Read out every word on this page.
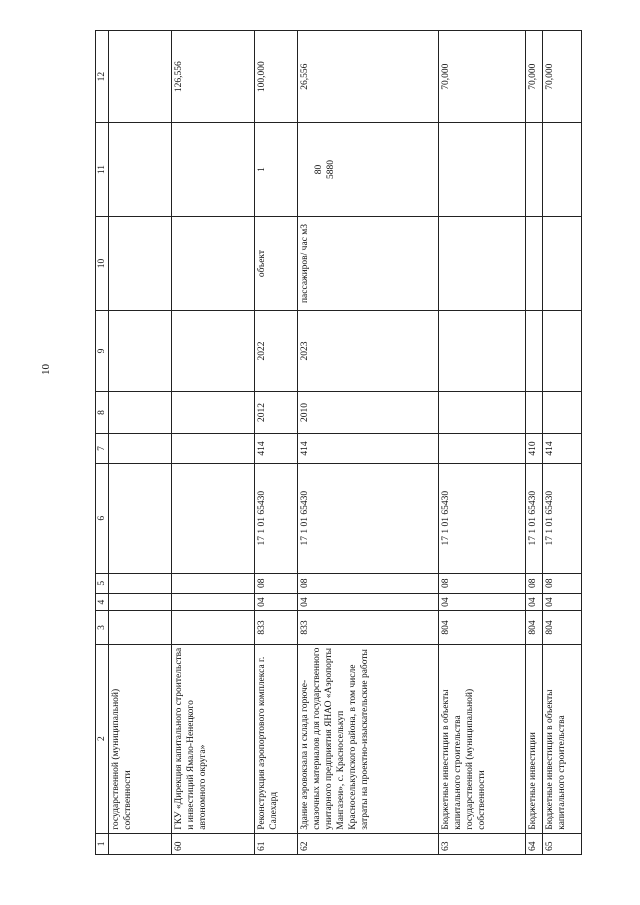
10
1	2	3	4	5	6	7	8	9	10	11	12
	государственной (муниципальной) собственности										
60	ГКУ «Дирекция капитального строительства и инвестиций Ямало-Ненецкого автономного округа»										126,556
61	Реконструкция аэропортового комплекса г. Салехард	833	04	08	17 1 01 65430	414	2012	2022	объект	1	100,000
62	Здание аэровокзала и склада горюче-смазочных материалов для государственного унитарного предприятия ЯНАО «Аэропорты Мангазеи», с. Красноселькуп Красноселькупского района, в том числе затраты на проектно-изыскательские работы	833	04	08	17 1 01 65430	414	2010	2023	пассажиров/ час м3	80 5880	26,556
63	Бюджетные инвестиции в объекты капитального строительства государственной (муниципальной) собственности	804	04	08	17 1 01 65430						70,000
64	Бюджетные инвестиции	804	04	08	17 1 01 65430	410					70,000
65	Бюджетные инвестиции в объекты капитального строительства	804	04	08	17 1 01 65430	414					70,000
